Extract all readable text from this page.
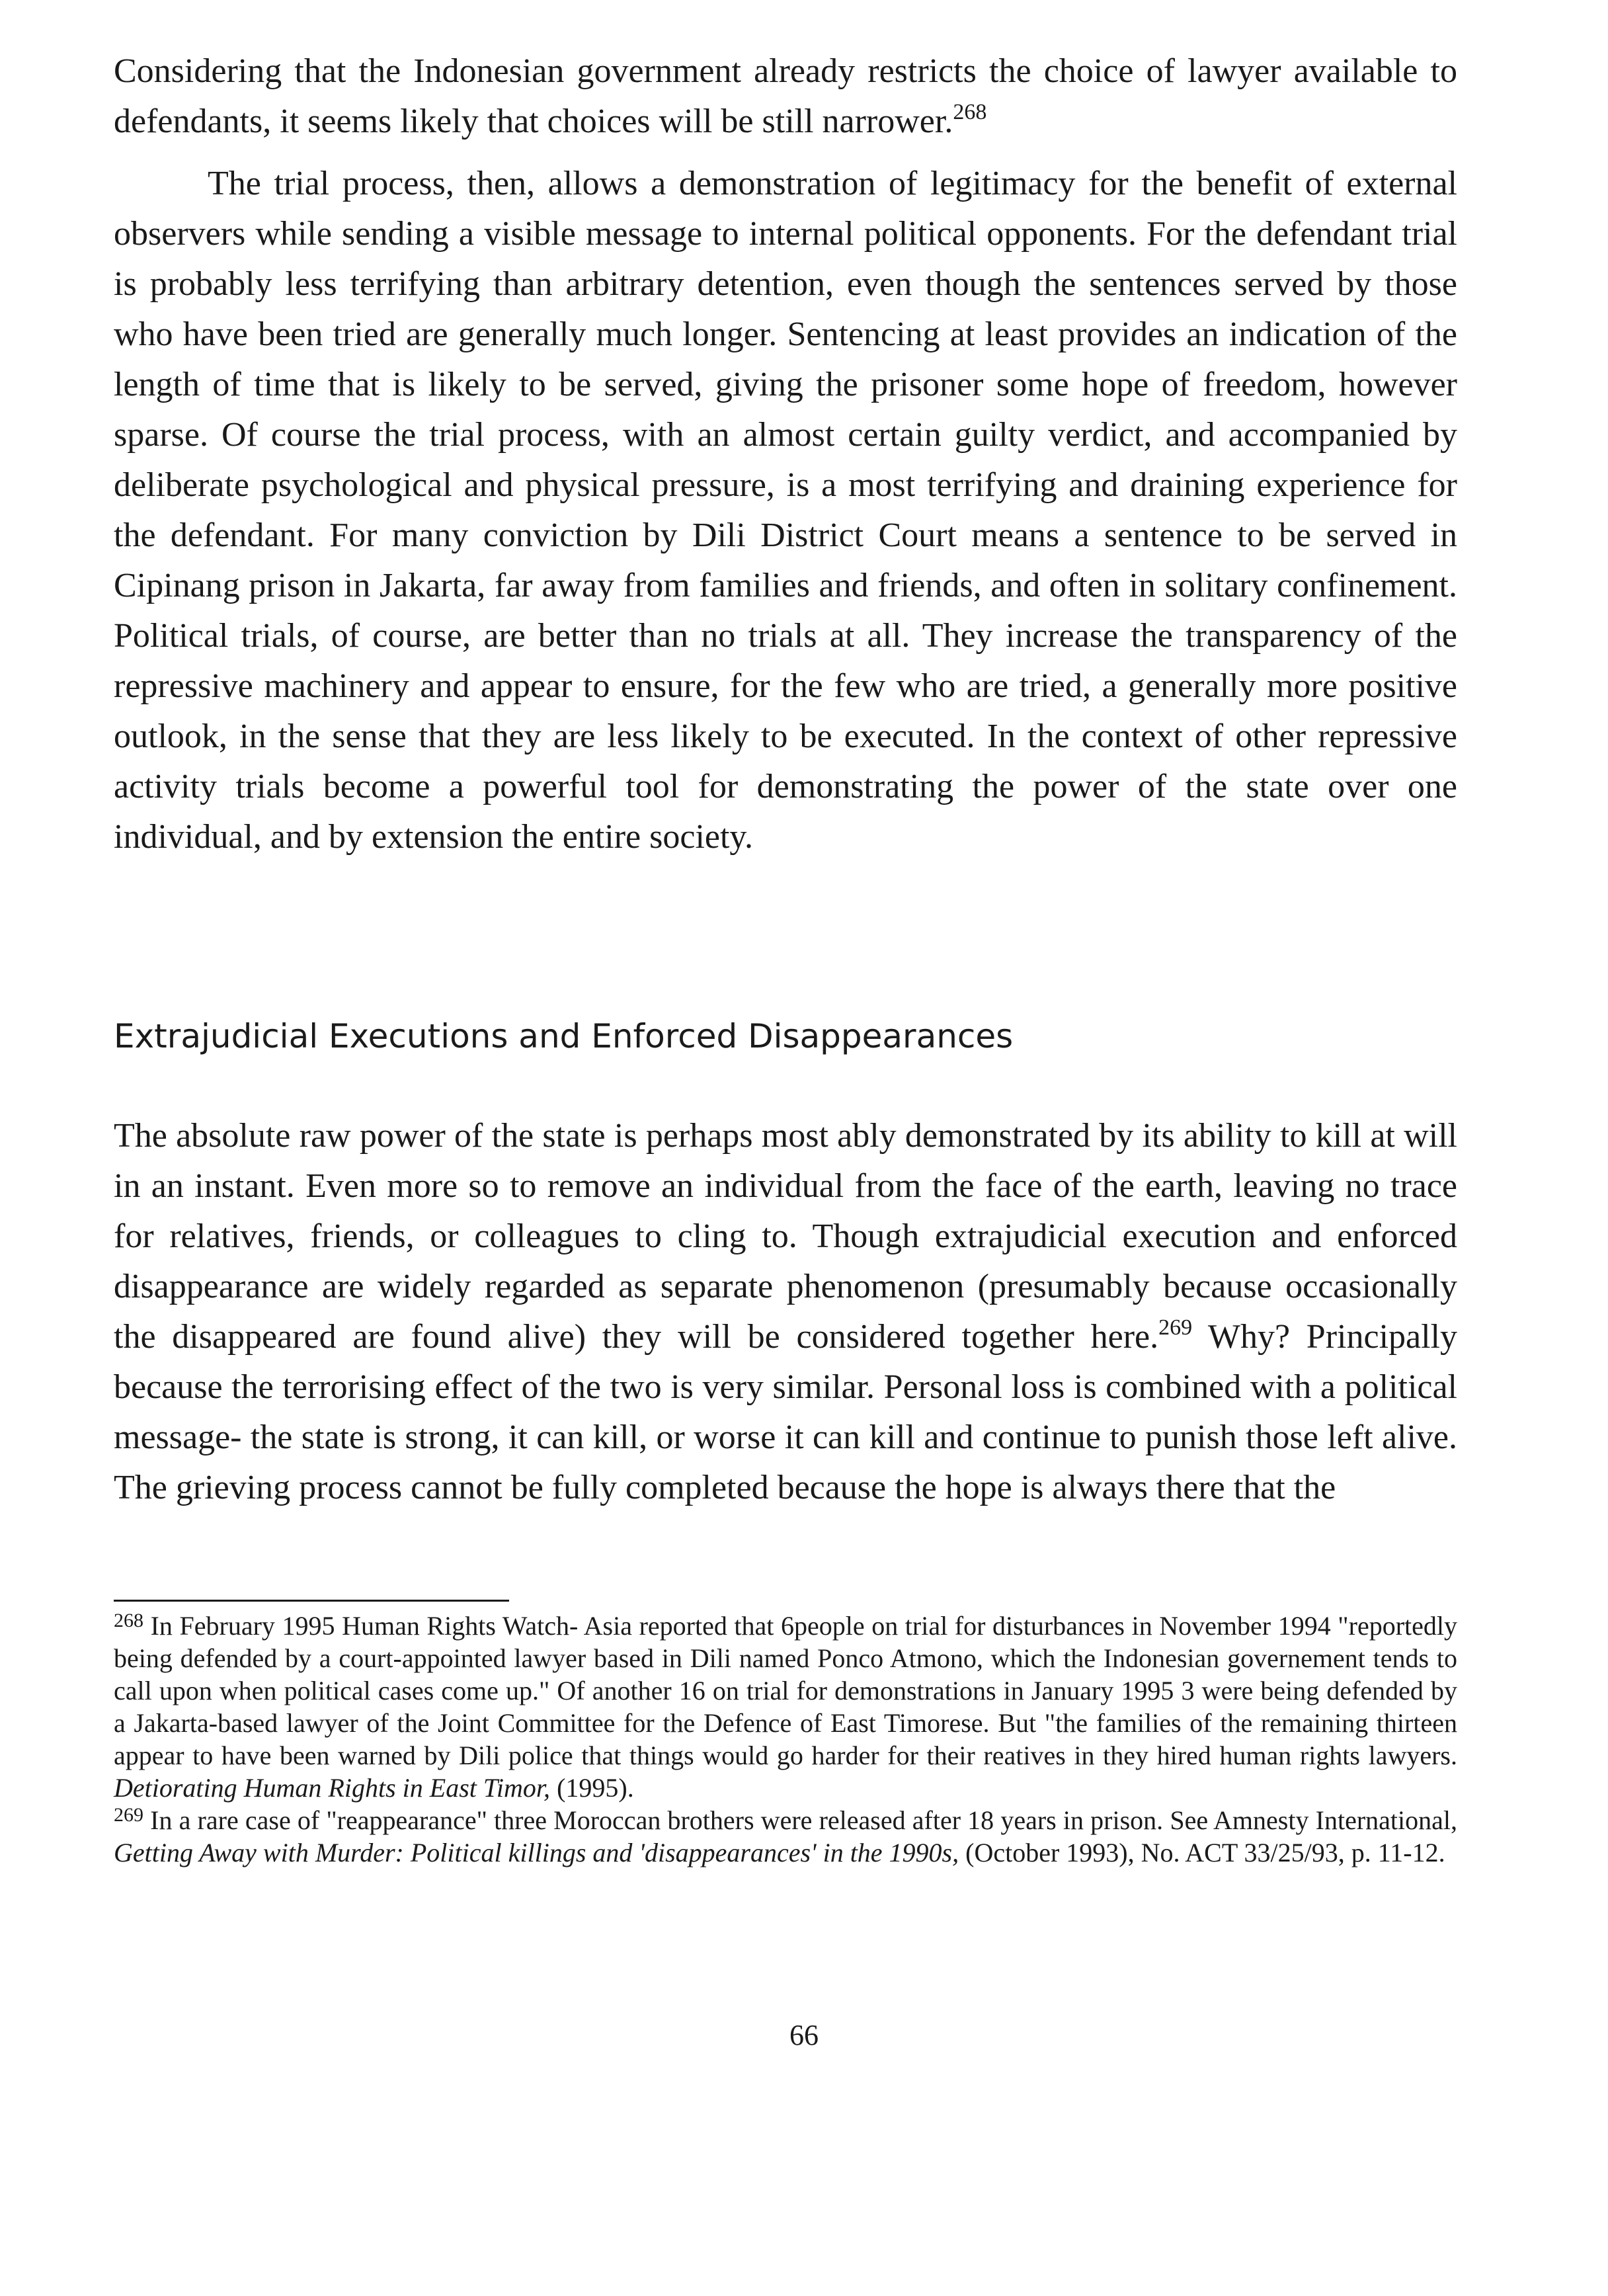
Considering that the Indonesian government already restricts the choice of lawyer available to defendants, it seems likely that choices will be still narrower.$^{268}$

The trial process, then, allows a demonstration of legitimacy for the benefit of external observers while sending a visible message to internal political opponents. For the defendant trial is probably less terrifying than arbitrary detention, even though the sentences served by those who have been tried are generally much longer. Sentencing at least provides an indication of the length of time that is likely to be served, giving the prisoner some hope of freedom, however sparse. Of course the trial process, with an almost certain guilty verdict, and accompanied by deliberate psychological and physical pressure, is a most terrifying and draining experience for the defendant. For many conviction by Dili District Court means a sentence to be served in Cipinang prison in Jakarta, far away from families and friends, and often in solitary confinement. Political trials, of course, are better than no trials at all. They increase the transparency of the repressive machinery and appear to ensure, for the few who are tried, a generally more positive outlook, in the sense that they are less likely to be executed. In the context of other repressive activity trials become a powerful tool for demonstrating the power of the state over one individual, and by extension the entire society.

Extrajudicial Executions and Enforced Disappearances

The absolute raw power of the state is perhaps most ably demonstrated by its ability to kill at will in an instant. Even more so to remove an individual from the face of the earth, leaving no trace for relatives, friends, or colleagues to cling to. Though extrajudicial execution and enforced disappearance are widely regarded as separate phenomenon (presumably because occasionally the disappeared are found alive) they will be considered together here.$^{269}$ Why? Principally because the terrorising effect of the two is very similar. Personal loss is combined with a political message- the state is strong, it can kill, or worse it can kill and continue to punish those left alive. The grieving process cannot be fully completed because the hope is always there that the

$^{268}$ In February 1995 Human Rights Watch- Asia reported that 6people on trial for disturbances in November 1994 "reportedly being defended by a court-appointed lawyer based in Dili named Ponco Atmono, which the Indonesian governement tends to call upon when political cases come up." Of another 16 on trial for demonstrations in January 1995 3 were being defended by a Jakarta-based lawyer of the Joint Committee for the Defence of East Timorese. But "the families of the remaining thirteen appear to have been warned by Dili police that things would go harder for their reatives in they hired human rights lawyers. Detiorating Human Rights in East Timor, (1995).

$^{269}$ In a rare case of "reappearance" three Moroccan brothers were released after 18 years in prison. See Amnesty International, Getting Away with Murder: Political killings and 'disappearances' in the 1990s, (October 1993), No. ACT 33/25/93, p. 11-12.

66
